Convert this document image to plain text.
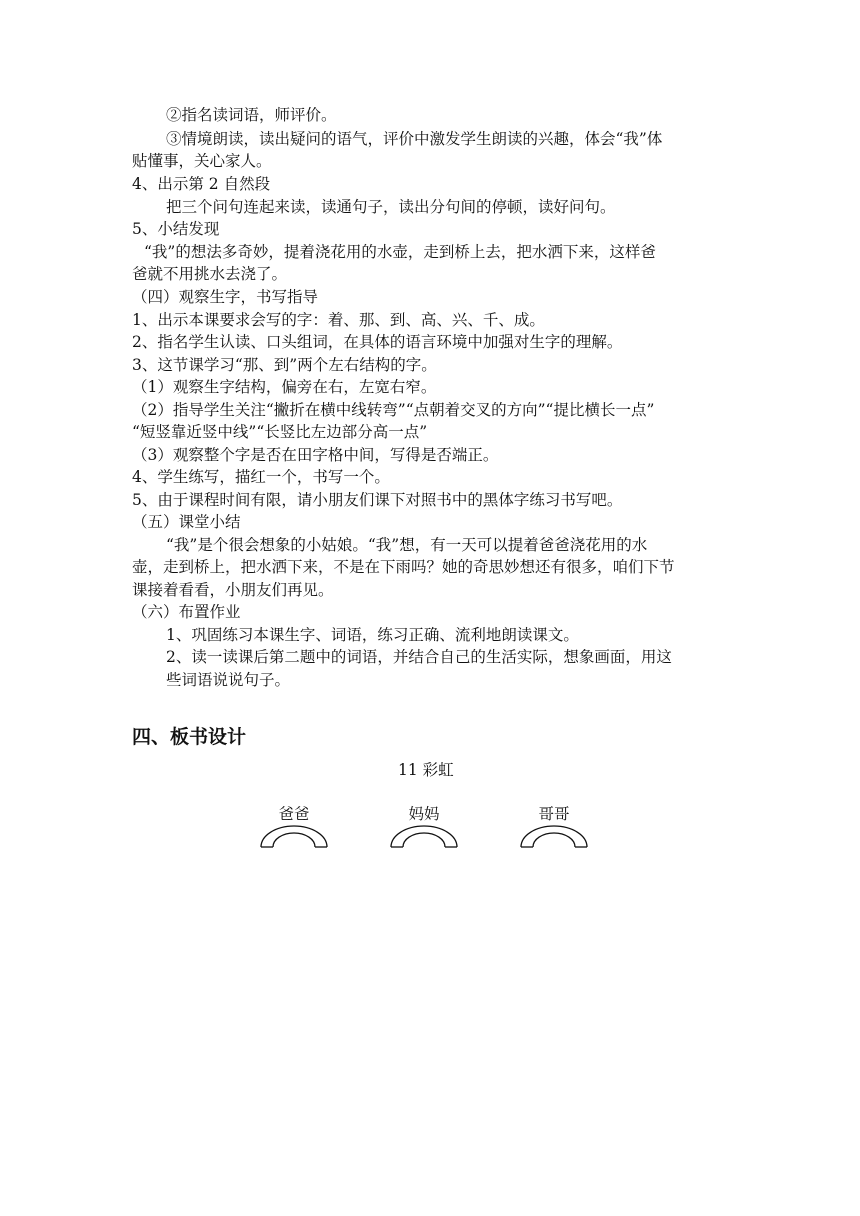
②指名读词语，师评价。
③情境朗读，读出疑问的语气，评价中激发学生朗读的兴趣，体会“我”体
贴懂事，关心家人。
4、出示第 2 自然段
把三个问句连起来读，读通句子，读出分句间的停顿，读好问句。
5、小结发现
“我”的想法多奇妙，提着浇花用的水壶，走到桥上去，把水洒下来，这样爸
爸就不用挑水去浇了。
（四）观察生字，书写指导
1、出示本课要求会写的字：着、那、到、高、兴、千、成。
2、指名学生认读、口头组词，在具体的语言环境中加强对生字的理解。
3、这节课学习“那、到”两个左右结构的字。
（1）观察生字结构，偏旁在右，左宽右窄。
（2）指导学生关注“撇折在横中线转弯”“点朝着交叉的方向”“提比横长一点”
“短竖靠近竖中线”“长竖比左边部分高一点”
（3）观察整个字是否在田字格中间，写得是否端正。
4、学生练写，描红一个，书写一个。
5、由于课程时间有限，请小朋友们课下对照书中的黑体字练习书写吧。
（五）课堂小结
“我”是个很会想象的小姑娘。“我”想，有一天可以提着爸爸浇花用的水
壶，走到桥上，把水洒下来，不是在下雨吗？她的奇思妙想还有很多，咱们下节
课接着看看，小朋友们再见。
（六）布置作业
1、巩固练习本课生字、词语，练习正确、流利地朗读课文。
2、读一读课后第二题中的词语，并结合自己的生活实际，想象画面，用这
些词语说说句子。
四、板书设计
11 彩虹
爸爸	妈妈	哥哥
